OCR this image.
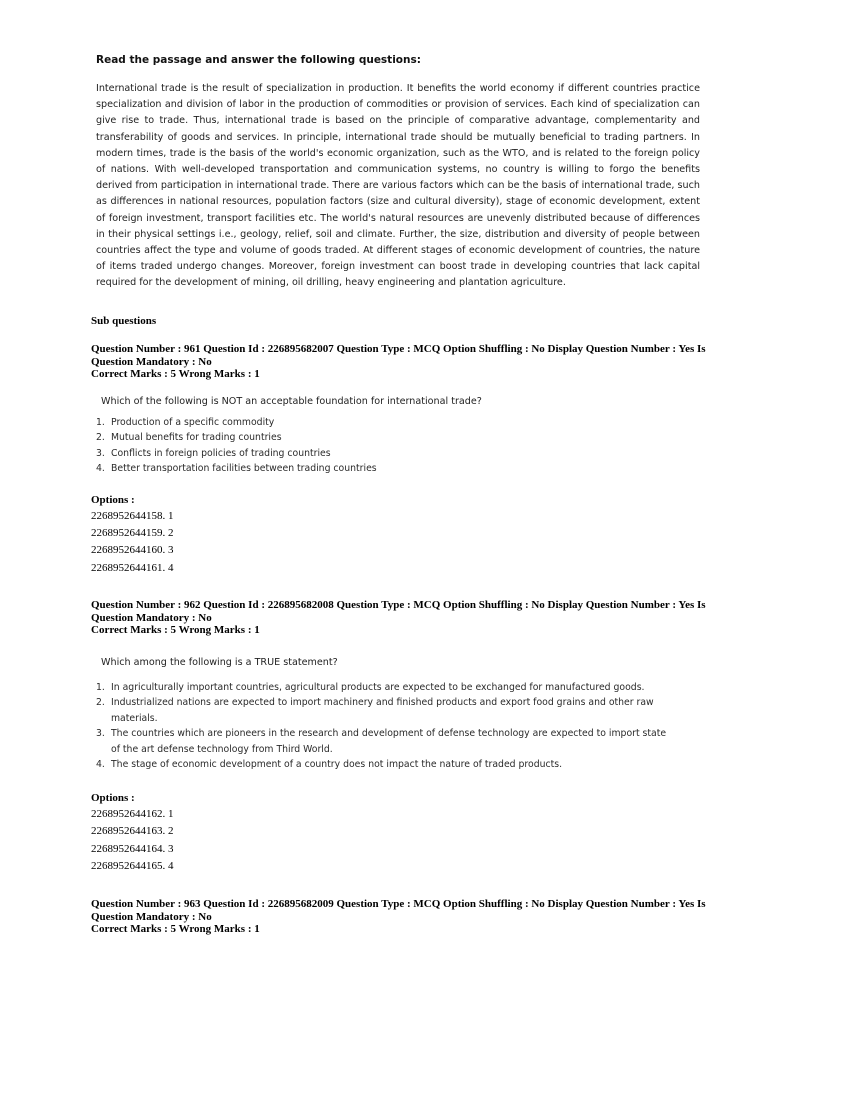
Read the passage and answer the following questions:

International trade is the result of specialization in production. It benefits the world economy if different countries practice specialization and division of labor in the production of commodities or provision of services. Each kind of specialization can give rise to trade. Thus, international trade is based on the principle of comparative advantage, complementarity and transferability of goods and services. In principle, international trade should be mutually beneficial to trading partners. In modern times, trade is the basis of the world's economic organization, such as the WTO, and is related to the foreign policy of nations. With well-developed transportation and communication systems, no country is willing to forgo the benefits derived from participation in international trade. There are various factors which can be the basis of international trade, such as differences in national resources, population factors (size and cultural diversity), stage of economic development, extent of foreign investment, transport facilities etc. The world's natural resources are unevenly distributed because of differences in their physical settings i.e., geology, relief, soil and climate. Further, the size, distribution and diversity of people between countries affect the type and volume of goods traded. At different stages of economic development of countries, the nature of items traded undergo changes. Moreover, foreign investment can boost trade in developing countries that lack capital required for the development of mining, oil drilling, heavy engineering and plantation agriculture.

Sub questions

Question Number : 961 Question Id : 226895682007 Question Type : MCQ Option Shuffling : No Display Question Number : Yes Is Question Mandatory : No

Correct Marks : 5 Wrong Marks : 1

Which of the following is NOT an acceptable foundation for international trade?

1. Production of a specific commodity
2. Mutual benefits for trading countries
3. Conflicts in foreign policies of trading countries
4. Better transportation facilities between trading countries

Options :

2268952644158. 1
2268952644159. 2
2268952644160. 3
2268952644161. 4

Question Number : 962 Question Id : 226895682008 Question Type : MCQ Option Shuffling : No Display Question Number : Yes Is Question Mandatory : No

Correct Marks : 5 Wrong Marks : 1

Which among the following is a TRUE statement?

1. In agriculturally important countries, agricultural products are expected to be exchanged for manufactured goods.
2. Industrialized nations are expected to import machinery and finished products and export food grains and other raw materials.
3. The countries which are pioneers in the research and development of defense technology are expected to import state of the art defense technology from Third World.
4. The stage of economic development of a country does not impact the nature of traded products.

Options :

2268952644162. 1
2268952644163. 2
2268952644164. 3
2268952644165. 4

Question Number : 963 Question Id : 226895682009 Question Type : MCQ Option Shuffling : No Display Question Number : Yes Is Question Mandatory : No

Correct Marks : 5 Wrong Marks : 1
